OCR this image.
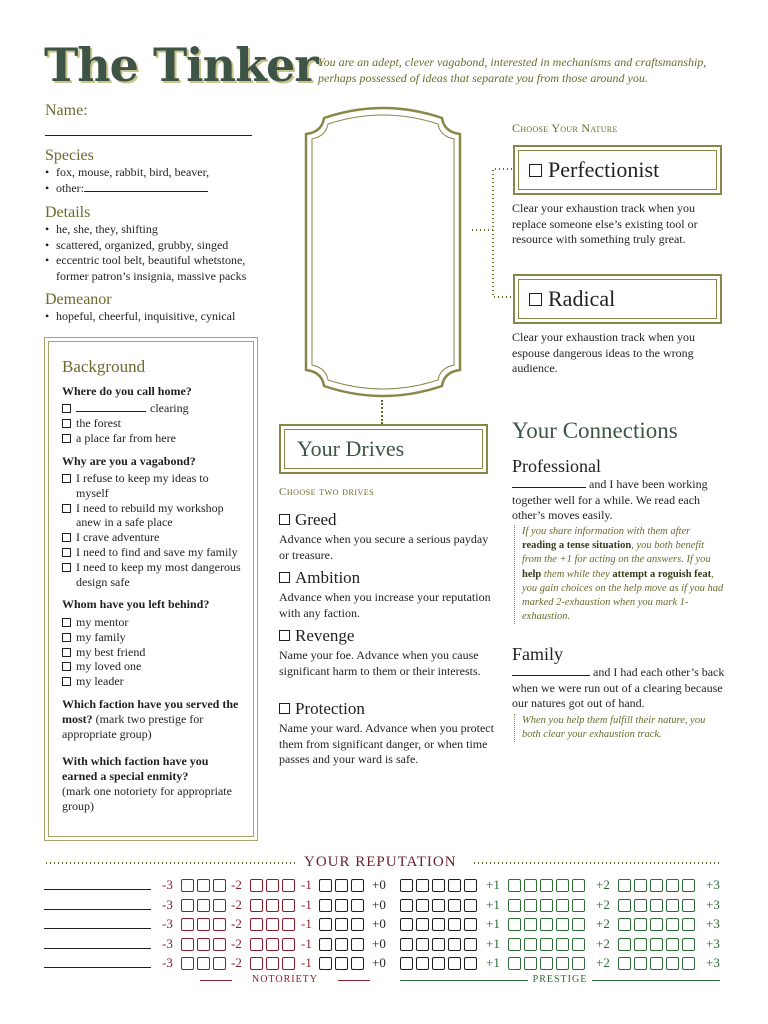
The Tinker You are an adept, clever vagabond, interested in mechanisms and craftsmanship, perhaps possessed of ideas that separate you from those around you.
Name:
Species
• fox, mouse, rabbit, bird, beaver,
• other:
Details
• he, she, they, shifting
• scattered, organized, grubby, singed
• eccentric tool belt, beautiful whetstone, former patron’s insignia, massive packs
Demeanor
• hopeful, cheerful, inquisitive, cynical
Background
Where do you call home?
clearing
the forest
a place far from here
Why are you a vagabond?
I refuse to keep my ideas to myself
I need to rebuild my workshop anew in a safe place
I crave adventure
I need to find and save my family
I need to keep my most dangerous design safe
Whom have you left behind?
my mentor
my family
my best friend
my loved one
my leader
Which faction have you served the most? (mark two prestige for appropriate group)
With which faction have you earned a special enmity?
(mark one notoriety for appropriate group)
Choose Your Nature
Perfectionist
Clear your exhaustion track when you replace someone else’s existing tool or resource with something truly great.
Radical
Clear your exhaustion track when you espouse dangerous ideas to the wrong audience.
Your Drives
Choose two drives
Greed
Advance when you secure a serious payday or treasure.
Ambition
Advance when you increase your reputation with any faction.
Revenge
Name your foe. Advance when you cause significant harm to them or their interests.
Protection
Name your ward. Advance when you protect them from significant danger, or when time passes and your ward is safe.
Your Connections
Professional
and I have been working together well for a while. We read each other’s moves easily.
If you share information with them after reading a tense situation, you both benefit from the +1 for acting on the answers. If you help them while they attempt a roguish feat, you gain choices on the help move as if you had marked 2-exhaustion when you mark 1-exhaustion.
Family
and I had each other’s back when we were run out of a clearing because our natures got out of hand.
When you help them fulfill their nature, you both clear your exhaustion track.
YOUR REPUTATION
-3	-2	-1	+0	+1	+2	+3
-3	-2	-1	+0	+1	+2	+3
-3	-2	-1	+0	+1	+2	+3
-3	-2	-1	+0	+1	+2	+3
-3	-2	-1	+0	+1	+2	+3
NOTORIETY	PRESTIGE
